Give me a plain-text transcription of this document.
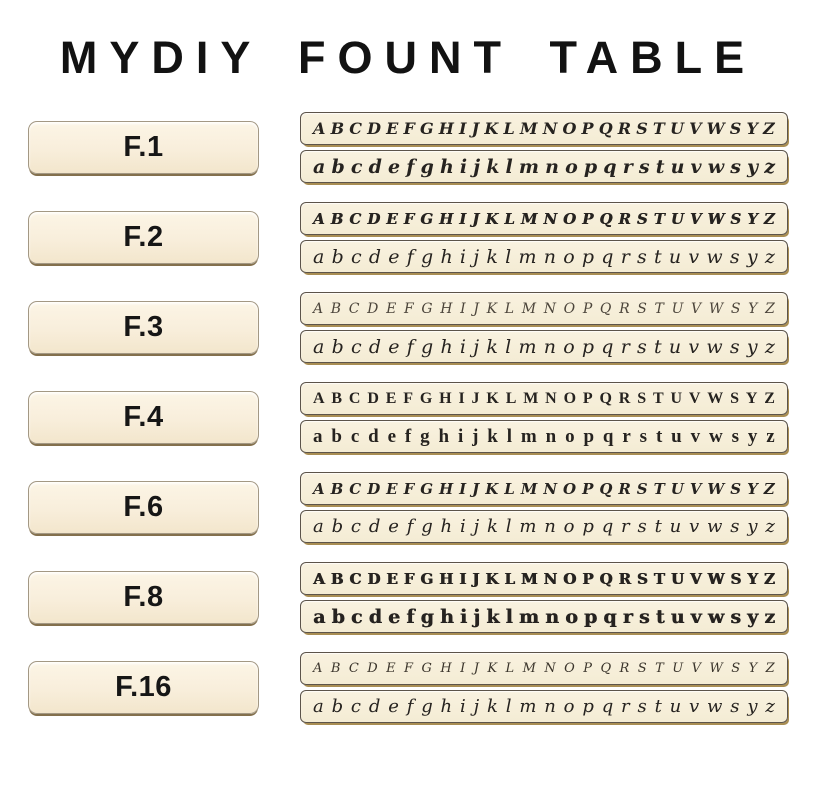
MYDIY FOUNT TABLE
F.1
A B C D E F G H I J K L M N O P Q R S T U V W S Y Z
a b c d e f g h i j k l m n o p q r s t u v w s y z
F.2
A B C D E F G H I J K L M N O P Q R S T U V W S Y Z
a b c d e f g h i j k l m n o p q r s t u v w s y z
F.3
A B C D E F G H I J K L M N O P Q R S T U V W S Y Z
a b c d e f g h i j k l m n o p q r s t u v w s y z
F.4
A B C D E F G H I J K L M N O P Q R S T U V W S Y Z
a b c d e f g h i j k l m n o p q r s t u v w s y z
F.6
A B C D E F G H I J K L M N O P Q R S T U V W S Y Z
a b c d e f g h i j k l m n o p q r s t u v w s y z
F.8
A B C D E F G H I J K L M N O P Q R S T U V W S Y Z
a b c d e f g h i j k l m n o p q r s t u v w s y z
F.16
A B C D E F G H I J K L M N O P Q R S T U V W S Y Z
a b c d e f g h i j k l m n o p q r s t u v w s y z
